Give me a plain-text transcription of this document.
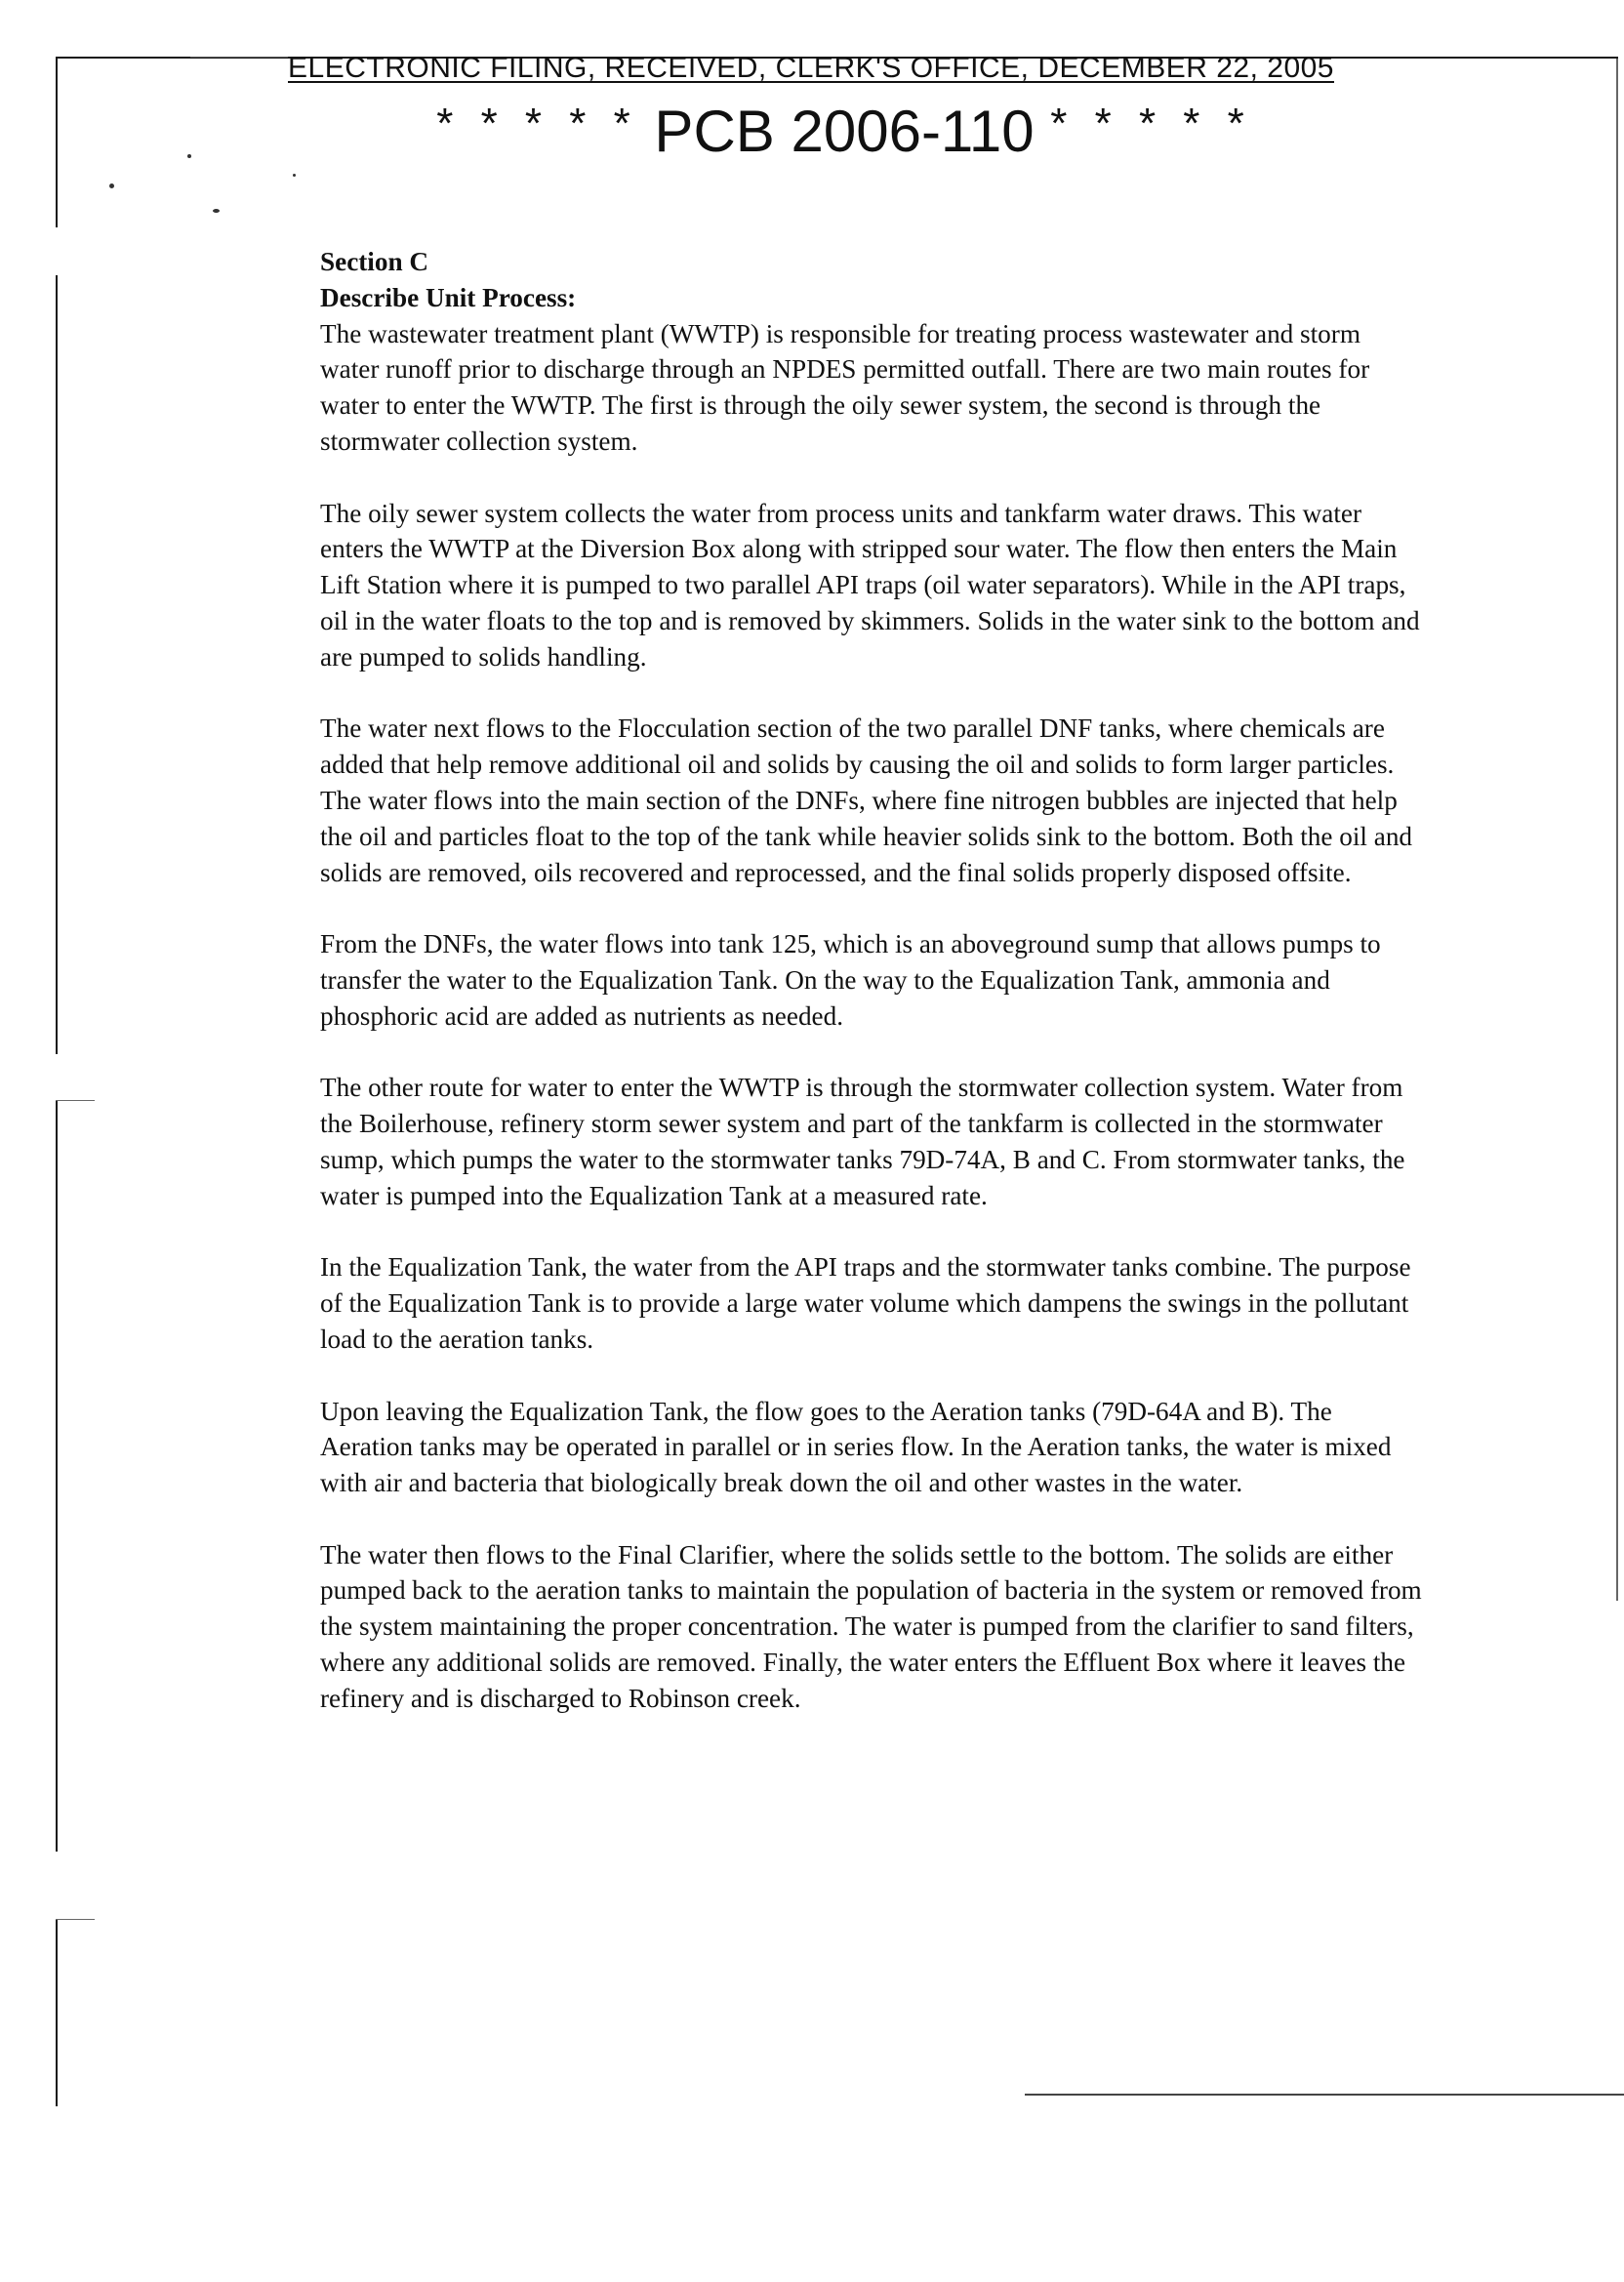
ELECTRONIC FILING, RECEIVED, CLERK'S OFFICE, DECEMBER 22, 2005
* * * * * PCB 2006-110 * * * * *
Section C
Describe Unit Process:

The wastewater treatment plant (WWTP) is responsible for treating process wastewater and storm water runoff prior to discharge through an NPDES permitted outfall. There are two main routes for water to enter the WWTP. The first is through the oily sewer system, the second is through the stormwater collection system.

The oily sewer system collects the water from process units and tankfarm water draws. This water enters the WWTP at the Diversion Box along with stripped sour water. The flow then enters the Main Lift Station where it is pumped to two parallel API traps (oil water separators). While in the API traps, oil in the water floats to the top and is removed by skimmers. Solids in the water sink to the bottom and are pumped to solids handling.

The water next flows to the Flocculation section of the two parallel DNF tanks, where chemicals are added that help remove additional oil and solids by causing the oil and solids to form larger particles. The water flows into the main section of the DNFs, where fine nitrogen bubbles are injected that help the oil and particles float to the top of the tank while heavier solids sink to the bottom. Both the oil and solids are removed, oils recovered and reprocessed, and the final solids properly disposed offsite.

From the DNFs, the water flows into tank 125, which is an aboveground sump that allows pumps to transfer the water to the Equalization Tank. On the way to the Equalization Tank, ammonia and phosphoric acid are added as nutrients as needed.

The other route for water to enter the WWTP is through the stormwater collection system. Water from the Boilerhouse, refinery storm sewer system and part of the tankfarm is collected in the stormwater sump, which pumps the water to the stormwater tanks 79D-74A, B and C. From stormwater tanks, the water is pumped into the Equalization Tank at a measured rate.

In the Equalization Tank, the water from the API traps and the stormwater tanks combine. The purpose of the Equalization Tank is to provide a large water volume which dampens the swings in the pollutant load to the aeration tanks.

Upon leaving the Equalization Tank, the flow goes to the Aeration tanks (79D-64A and B). The Aeration tanks may be operated in parallel or in series flow. In the Aeration tanks, the water is mixed with air and bacteria that biologically break down the oil and other wastes in the water.

The water then flows to the Final Clarifier, where the solids settle to the bottom. The solids are either pumped back to the aeration tanks to maintain the population of bacteria in the system or removed from the system maintaining the proper concentration. The water is pumped from the clarifier to sand filters, where any additional solids are removed. Finally, the water enters the Effluent Box where it leaves the refinery and is discharged to Robinson creek.
